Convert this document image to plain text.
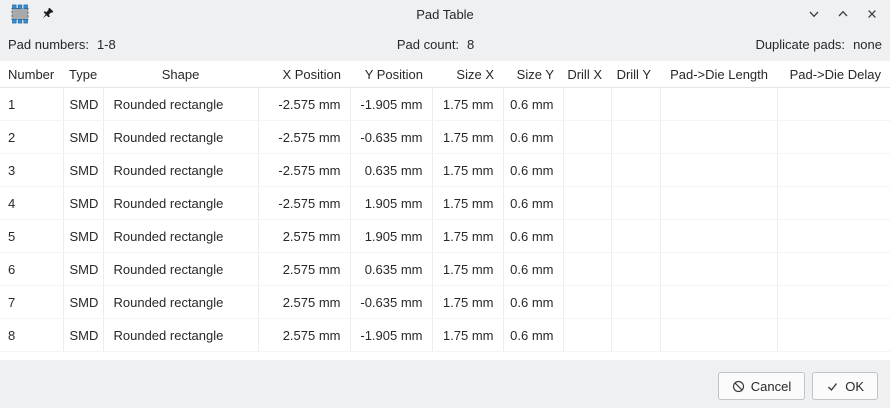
Pad Table
Pad numbers: 1-8	Pad count: 8	Duplicate pads: none
Number	Type	Shape	X Position	Y Position	Size X	Size Y	Drill X	Drill Y	Pad->Die Length	Pad->Die Delay
1	SMD	Rounded rectangle	-2.575 mm	-1.905 mm	1.75 mm	0.6 mm				
2	SMD	Rounded rectangle	-2.575 mm	-0.635 mm	1.75 mm	0.6 mm				
3	SMD	Rounded rectangle	-2.575 mm	0.635 mm	1.75 mm	0.6 mm				
4	SMD	Rounded rectangle	-2.575 mm	1.905 mm	1.75 mm	0.6 mm				
5	SMD	Rounded rectangle	2.575 mm	1.905 mm	1.75 mm	0.6 mm				
6	SMD	Rounded rectangle	2.575 mm	0.635 mm	1.75 mm	0.6 mm				
7	SMD	Rounded rectangle	2.575 mm	-0.635 mm	1.75 mm	0.6 mm				
8	SMD	Rounded rectangle	2.575 mm	-1.905 mm	1.75 mm	0.6 mm				
Cancel	OK
